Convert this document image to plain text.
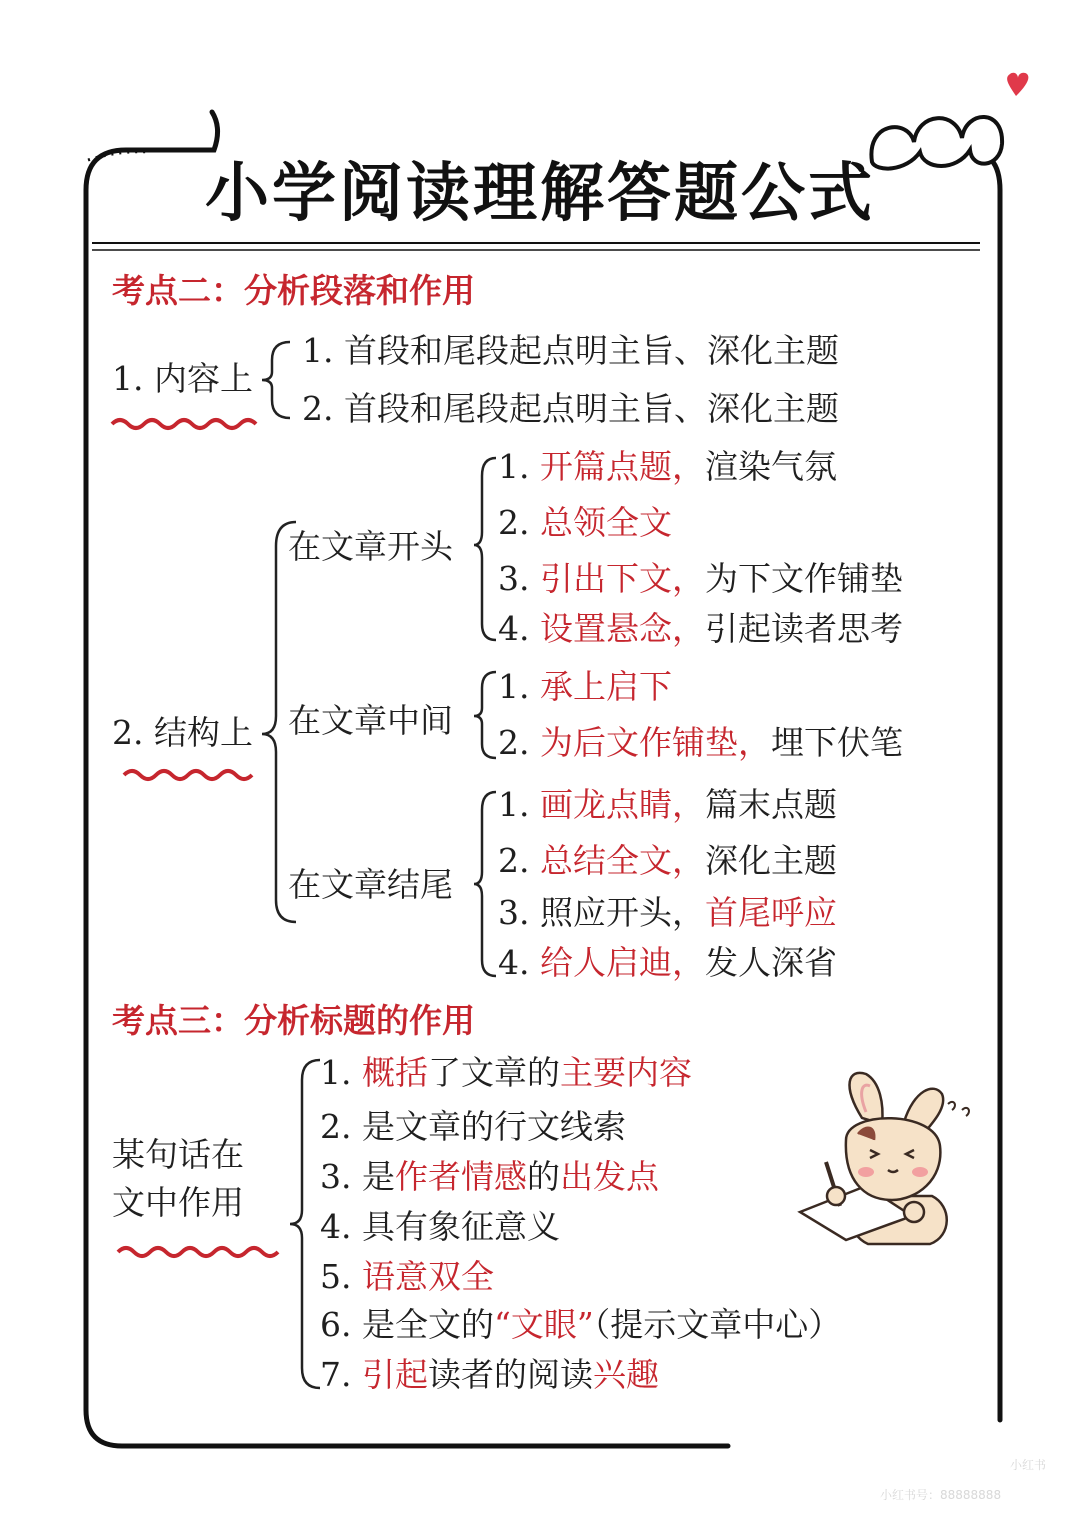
小学阅读理解答题公式
考点二：分析段落和作用
1. 内容上
1. 首段和尾段起点明主旨、深化主题
2. 首段和尾段起点明主旨、深化主题
2. 结构上
在文章开头
1. 开篇点题，渲染气氛
2. 总领全文
3. 引出下文，为下文作铺垫
4. 设置悬念，引起读者思考
在文章中间
1. 承上启下
2. 为后文作铺垫，埋下伏笔
在文章结尾
1. 画龙点睛，篇末点题
2. 总结全文，深化主题
3. 照应开头，首尾呼应
4. 给人启迪，发人深省
考点三：分析标题的作用
某句话在
文中作用
1. 概括了文章的主要内容
2. 是文章的行文线索
3. 是作者情感的出发点
4. 具有象征意义
5. 语意双全
6. 是全文的“文眼”（提示文章中心）
7. 引起读者的阅读兴趣
小红书
小红书号：88888888
